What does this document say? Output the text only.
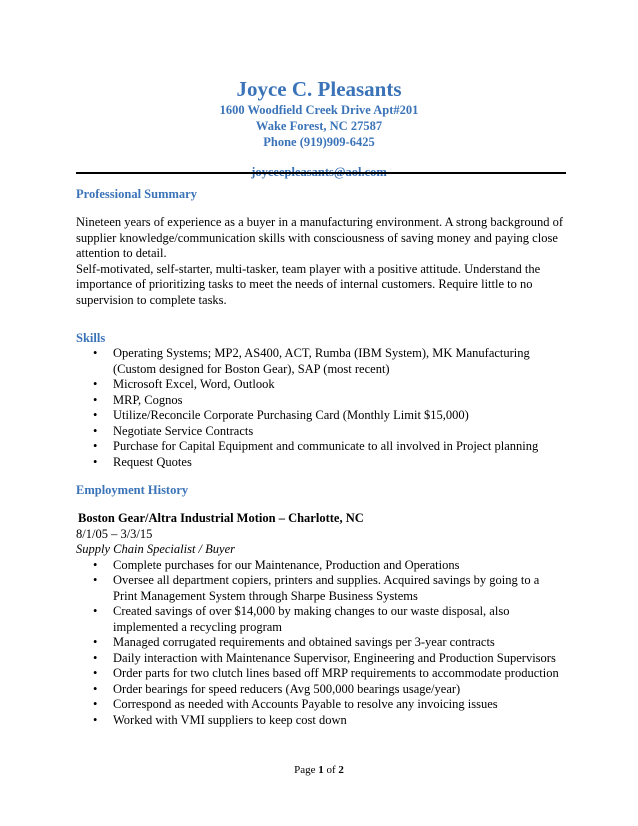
Joyce C. Pleasants
1600 Woodfield Creek Drive Apt#201
Wake Forest, NC 27587
Phone (919)909-6425
joyceepleasants@aol.com
Professional Summary

Nineteen years of experience as a buyer in a manufacturing environment. A strong background of supplier knowledge/communication skills with consciousness of saving money and paying close attention to detail.

Self-motivated, self-starter, multi-tasker, team player with a positive attitude. Understand the importance of prioritizing tasks to meet the needs of internal customers. Require little to no supervision to complete tasks.

Skills
• Operating Systems; MP2, AS400, ACT, Rumba (IBM System), MK Manufacturing (Custom designed for Boston Gear), SAP (most recent)
• Microsoft Excel, Word, Outlook
• MRP, Cognos
• Utilize/Reconcile Corporate Purchasing Card (Monthly Limit $15,000)
• Negotiate Service Contracts
• Purchase for Capital Equipment and communicate to all involved in Project planning
• Request Quotes
Employment History
Boston Gear/Altra Industrial Motion – Charlotte, NC
8/1/05 – 3/3/15
Supply Chain Specialist / Buyer
• Complete purchases for our Maintenance, Production and Operations
• Oversee all department copiers, printers and supplies. Acquired savings by going to a Print Management System through Sharpe Business Systems
• Created savings of over $14,000 by making changes to our waste disposal, also implemented a recycling program
• Managed corrugated requirements and obtained savings per 3-year contracts
• Daily interaction with Maintenance Supervisor, Engineering and Production Supervisors
• Order parts for two clutch lines based off MRP requirements to accommodate production
• Order bearings for speed reducers (Avg 500,000 bearings usage/year)
• Correspond as needed with Accounts Payable to resolve any invoicing issues
• Worked with VMI suppliers to keep cost down
Page 1 of 2
